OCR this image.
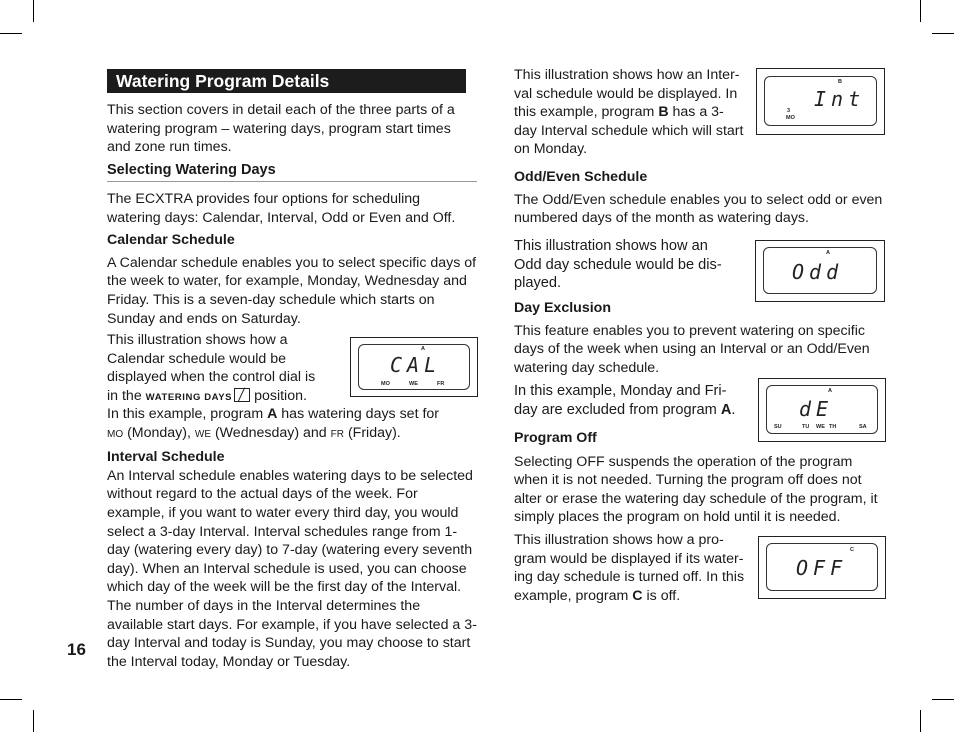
Watering Program Details

This section covers in detail each of the three parts of a watering program – watering days, program start times and zone run times.

Selecting Watering Days

The ECXTRA provides four options for scheduling watering days: Calendar, Interval, Odd or Even and Off.

Calendar Schedule

A Calendar schedule enables you to select specific days of the week to water, for example, Monday, Wednesday and Friday. This is a seven-day schedule which starts on Sunday and ends on Saturday.

This illustration shows how a

Calendar schedule would be

displayed when the control dial is

in the WATERING DAYS position.

In this example, program A has watering days set for

MO (Monday), WE (Wednesday) and FR (Friday).

Interval Schedule

An Interval schedule enables watering days to be selected without regard to the actual days of the week. For example, if you want to water every third day, you would select a 3-day Interval. Interval schedules range from 1-day (watering every day) to 7-day (watering every seventh day). When an Interval schedule is used, you can choose which day of the week will be the first day of the Interval. The number of days in the Interval determines the available start days. For example, if you have selected a 3-day Interval and today is Sunday, you may choose to start the Interval today, Monday or Tuesday.

A
CAL
MO	WE	FR
16

This illustration shows how an Inter-

val schedule would be displayed. In

this example, program B has a 3-

day Interval schedule which will start

on Monday.

B
Int
3
MO

Odd/Even Schedule

The Odd/Even schedule enables you to select odd or even numbered days of the month as watering days.

This illustration shows how an

Odd day schedule would be dis-

played.

A
Odd

Day Exclusion

This feature enables you to prevent watering on specific days of the week when using an Interval or an Odd/Even watering day schedule.

In this example, Monday and Fri-

day are excluded from program A.

A
dE
SU	TU WE TH	SA

Program Off

Selecting OFF suspends the operation of the program when it is not needed. Turning the program off does not alter or erase the watering day schedule of the program, it simply places the program on hold until it is needed.

This illustration shows how a pro-

gram would be displayed if its water-

ing day schedule is turned off. In this

example, program C is off.

C
OFF
